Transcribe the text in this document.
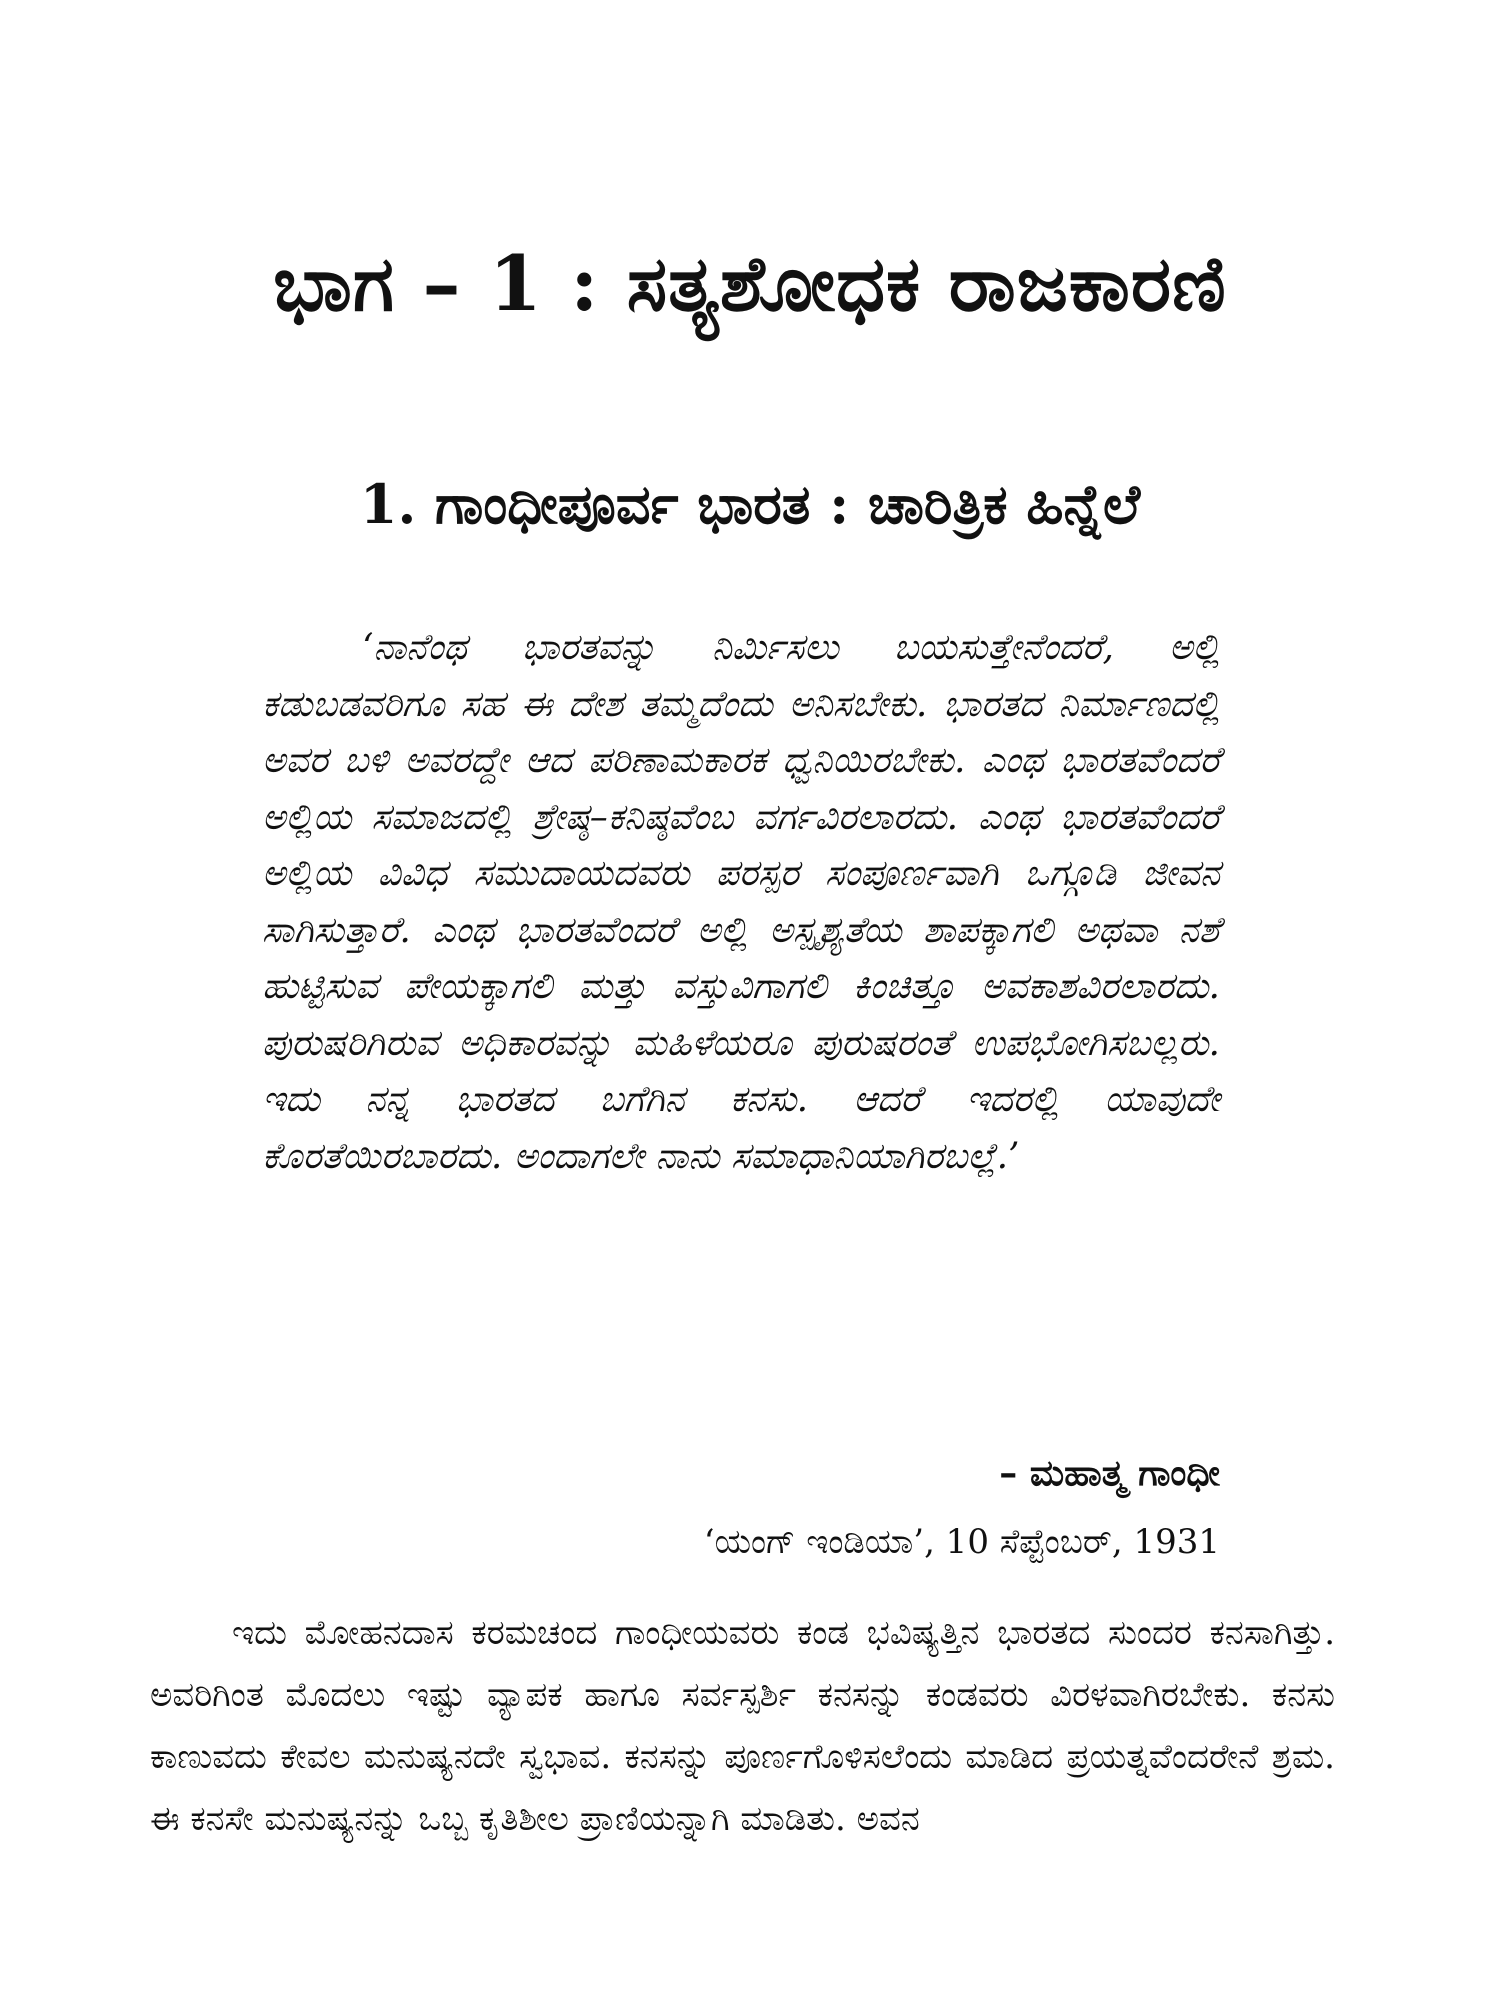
ಭಾಗ – 1 : ಸತ್ಯಶೋಧಕ ರಾಜಕಾರಣಿ
1. ಗಾಂಧೀಪೂರ್ವ ಭಾರತ : ಚಾರಿತ್ರಿಕ ಹಿನ್ನೆಲೆ

‘ನಾನೆಂಥ ಭಾರತವನ್ನು ನಿರ್ಮಿಸಲು ಬಯಸುತ್ತೇನೆಂದರೆ, ಅಲ್ಲಿ ಕಡುಬಡವರಿಗೂ ಸಹ ಈ ದೇಶ ತಮ್ಮದೆಂದು ಅನಿಸಬೇಕು. ಭಾರತದ ನಿರ್ಮಾಣದಲ್ಲಿ ಅವರ ಬಳಿ ಅವರದ್ದೇ ಆದ ಪರಿಣಾಮಕಾರಕ ಧ್ವನಿಯಿರಬೇಕು. ಎಂಥ ಭಾರತವೆಂದರೆ ಅಲ್ಲಿಯ ಸಮಾಜದಲ್ಲಿ ಶ್ರೇಷ್ಠ–ಕನಿಷ್ಠವೆಂಬ ವರ್ಗವಿರಲಾರದು. ಎಂಥ ಭಾರತವೆಂದರೆ ಅಲ್ಲಿಯ ವಿವಿಧ ಸಮುದಾಯದವರು ಪರಸ್ಪರ ಸಂಪೂರ್ಣವಾಗಿ ಒಗ್ಗೂಡಿ ಜೀವನ ಸಾಗಿಸುತ್ತಾರೆ. ಎಂಥ ಭಾರತವೆಂದರೆ ಅಲ್ಲಿ ಅಸ್ಪೃಶ್ಯತೆಯ ಶಾಪಕ್ಕಾಗಲಿ ಅಥವಾ ನಶೆ ಹುಟ್ಟಿಸುವ ಪೇಯಕ್ಕಾಗಲಿ ಮತ್ತು ವಸ್ತುವಿಗಾಗಲಿ ಕಿಂಚಿತ್ತೂ ಅವಕಾಶವಿರಲಾರದು. ಪುರುಷರಿಗಿರುವ ಅಧಿಕಾರವನ್ನು ಮಹಿಳೆಯರೂ ಪುರುಷರಂತೆ ಉಪಭೋಗಿಸಬಲ್ಲರು. ಇದು ನನ್ನ ಭಾರತದ ಬಗೆಗಿನ ಕನಸು. ಆದರೆ ಇದರಲ್ಲಿ ಯಾವುದೇ ಕೊರತೆಯಿರಬಾರದು. ಅಂದಾಗಲೇ ನಾನು ಸಮಾಧಾನಿಯಾಗಿರಬಲ್ಲೆ.’

– ಮಹಾತ್ಮ ಗಾಂಧೀ

‘ಯಂಗ್ ಇಂಡಿಯಾ’, 10 ಸೆಪ್ಟೆಂಬರ್, 1931

ಇದು ಮೋಹನದಾಸ ಕರಮಚಂದ ಗಾಂಧೀಯವರು ಕಂಡ ಭವಿಷ್ಯತ್ತಿನ ಭಾರತದ ಸುಂದರ ಕನಸಾಗಿತ್ತು. ಅವರಿಗಿಂತ ಮೊದಲು ಇಷ್ಟು ವ್ಯಾಪಕ ಹಾಗೂ ಸರ್ವಸ್ಪರ್ಶಿ ಕನಸನ್ನು ಕಂಡವರು ವಿರಳವಾಗಿರಬೇಕು. ಕನಸು ಕಾಣುವದು ಕೇವಲ ಮನುಷ್ಯನದೇ ಸ್ವಭಾವ. ಕನಸನ್ನು ಪೂರ್ಣಗೊಳಿಸಲೆಂದು ಮಾಡಿದ ಪ್ರಯತ್ನವೆಂದರೇನೆ ಶ್ರಮ. ಈ ಕನಸೇ ಮನುಷ್ಯನನ್ನು ಒಬ್ಬ ಕೃತಿಶೀಲ ಪ್ರಾಣಿಯನ್ನಾಗಿ ಮಾಡಿತು. ಅವನ
